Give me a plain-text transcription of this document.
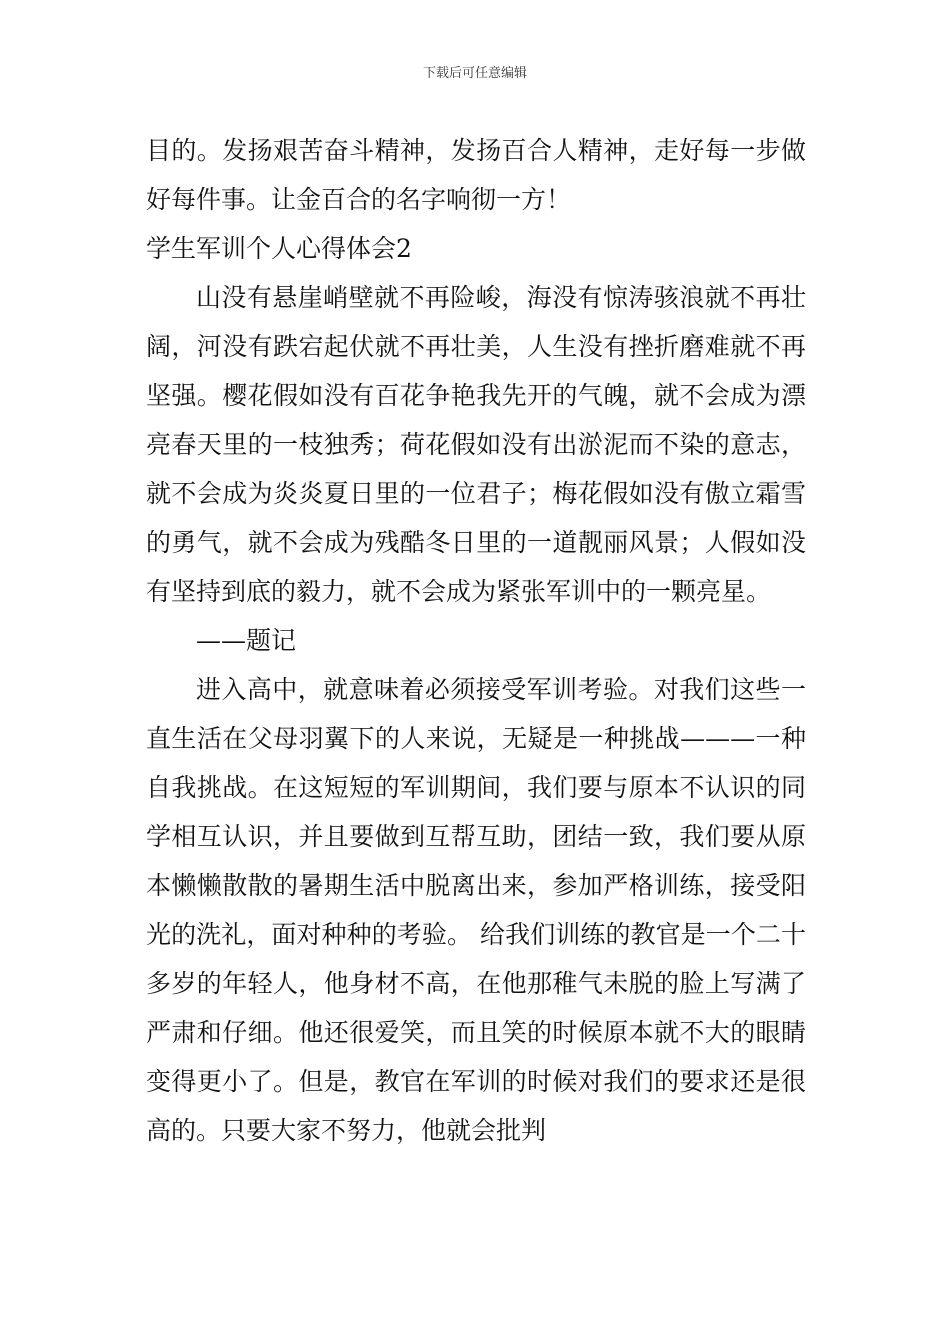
下载后可任意编辑

目的。发扬艰苦奋斗精神，发扬百合人精神，走好每一步做好每件事。让金百合的名字响彻一方！

学生军训个人心得体会2

山没有悬崖峭壁就不再险峻，海没有惊涛骇浪就不再壮阔，河没有跌宕起伏就不再壮美，人生没有挫折磨难就不再坚强。樱花假如没有百花争艳我先开的气魄，就不会成为漂亮春天里的一枝独秀；荷花假如没有出淤泥而不染的意志，就不会成为炎炎夏日里的一位君子；梅花假如没有傲立霜雪的勇气，就不会成为残酷冬日里的一道靓丽风景；人假如没有坚持到底的毅力，就不会成为紧张军训中的一颗亮星。

——题记

进入高中，就意味着必须接受军训考验。对我们这些一直生活在父母羽翼下的人来说，无疑是一种挑战———一种自我挑战。在这短短的军训期间，我们要与原本不认识的同学相互认识，并且要做到互帮互助，团结一致，我们要从原本懒懒散散的暑期生活中脱离出来，参加严格训练，接受阳光的洗礼，面对种种的考验。 给我们训练的教官是一个二十多岁的年轻人，他身材不高，在他那稚气未脱的脸上写满了严肃和仔细。他还很爱笑，而且笑的时候原本就不大的眼睛变得更小了。但是，教官在军训的时候对我们的要求还是很高的。只要大家不努力，他就会批判
